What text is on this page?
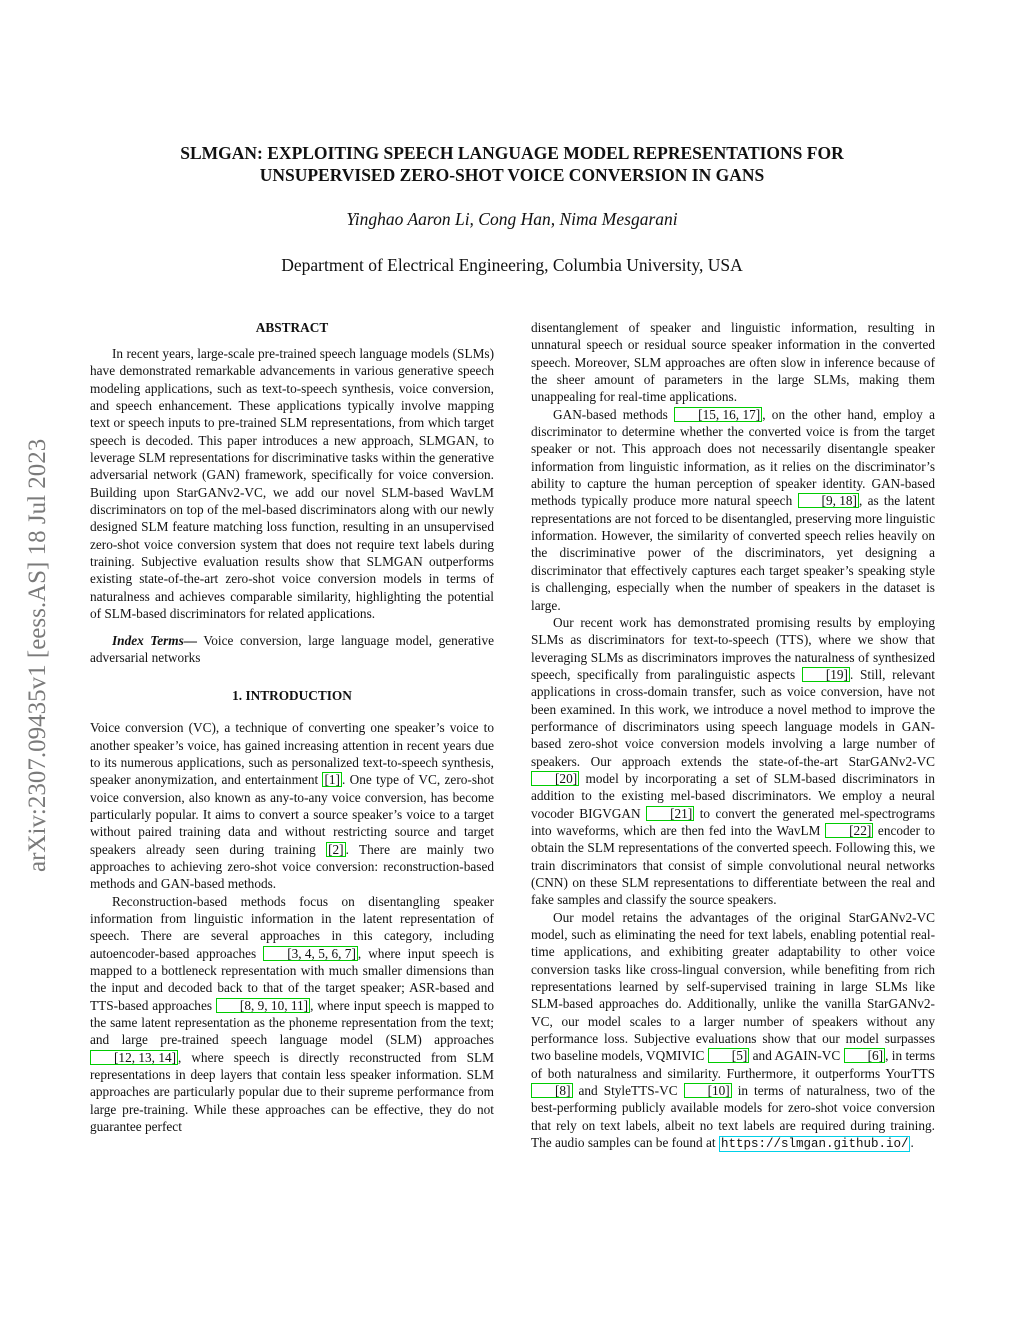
SLMGAN: EXPLOITING SPEECH LANGUAGE MODEL REPRESENTATIONS FOR
UNSUPERVISED ZERO-SHOT VOICE CONVERSION IN GANS
Yinghao Aaron Li, Cong Han, Nima Mesgarani
Department of Electrical Engineering, Columbia University, USA
arXiv:2307.09435v1 [eess.AS] 18 Jul 2023
ABSTRACT

In recent years, large-scale pre-trained speech language models (SLMs) have demonstrated remarkable advancements in various generative speech modeling applications, such as text-to-speech synthesis, voice conversion, and speech enhancement. These applications typically involve mapping text or speech inputs to pre-trained SLM representations, from which target speech is decoded. This paper introduces a new approach, SLMGAN, to leverage SLM representations for discriminative tasks within the generative adversarial network (GAN) framework, specifically for voice conversion. Building upon StarGANv2-VC, we add our novel SLM-based WavLM discriminators on top of the mel-based discriminators along with our newly designed SLM feature matching loss function, resulting in an unsupervised zero-shot voice conversion system that does not require text labels during training. Subjective evaluation results show that SLMGAN outperforms existing state-of-the-art zero-shot voice conversion models in terms of naturalness and achieves comparable similarity, highlighting the potential of SLM-based discriminators for related applications.

Index Terms— Voice conversion, large language model, generative adversarial networks

1. INTRODUCTION

Voice conversion (VC), a technique of converting one speaker’s voice to another speaker’s voice, has gained increasing attention in recent years due to its numerous applications, such as personalized text-to-speech synthesis, speaker anonymization, and entertainment [1] . One type of VC, zero-shot voice conversion, also known as any-to-any voice conversion, has become particularly popular. It aims to convert a source speaker’s voice to a target without paired training data and without restricting source and target speakers already seen during training [2] . There are mainly two approaches to achieving zero-shot voice conversion: reconstruction-based methods and GAN-based methods.

Reconstruction-based methods focus on disentangling speaker information from linguistic information in the latent representation of speech. There are several approaches in this category, including autoencoder-based approaches [3, 4, 5, 6, 7] , where input speech is mapped to a bottleneck representation with much smaller dimensions than the input and decoded back to that of the target speaker; ASR-based and TTS-based approaches [8, 9, 10, 11] , where input speech is mapped to the same latent representation as the phoneme representation from the text; and large pre-trained speech language model (SLM) approaches [12, 13, 14] , where speech is directly reconstructed from SLM representations in deep layers that contain less speaker information. SLM approaches are particularly popular due to their supreme performance from large pre-training. While these approaches can be effective, they do not guarantee perfect

disentanglement of speaker and linguistic information, resulting in unnatural speech or residual source speaker information in the converted speech. Moreover, SLM approaches are often slow in inference because of the sheer amount of parameters in the large SLMs, making them unappealing for real-time applications.

GAN-based methods [15, 16, 17] , on the other hand, employ a discriminator to determine whether the converted voice is from the target speaker or not. This approach does not necessarily disentangle speaker information from linguistic information, as it relies on the discriminator’s ability to capture the human perception of speaker identity. GAN-based methods typically produce more natural speech [9, 18] , as the latent representations are not forced to be disentangled, preserving more linguistic information. However, the similarity of converted speech relies heavily on the discriminative power of the discriminators, yet designing a discriminator that effectively captures each target speaker’s speaking style is challenging, especially when the number of speakers in the dataset is large.

Our recent work has demonstrated promising results by employing SLMs as discriminators for text-to-speech (TTS), where we show that leveraging SLMs as discriminators improves the naturalness of synthesized speech, specifically from paralinguistic aspects [19] . Still, relevant applications in cross-domain transfer, such as voice conversion, have not been examined. In this work, we introduce a novel method to improve the performance of discriminators using speech language models in GAN-based zero-shot voice conversion models involving a large number of speakers. Our approach extends the state-of-the-art StarGANv2-VC [20] model by incorporating a set of SLM-based discriminators in addition to the existing mel-based discriminators. We employ a neural vocoder BIGVGAN [21] to convert the generated mel-spectrograms into waveforms, which are then fed into the WavLM [22] encoder to obtain the SLM representations of the converted speech. Following this, we train discriminators that consist of simple convolutional neural networks (CNN) on these SLM representations to differentiate between the real and fake samples and classify the source speakers.

Our model retains the advantages of the original StarGANv2-VC model, such as eliminating the need for text labels, enabling potential real-time applications, and exhibiting greater adaptability to other voice conversion tasks like cross-lingual conversion, while benefiting from rich representations learned by self-supervised training in large SLMs like SLM-based approaches do. Additionally, unlike the vanilla StarGANv2-VC, our model scales to a larger number of speakers without any performance loss. Subjective evaluations show that our model surpasses two baseline models, VQMIVIC [5] and AGAIN-VC [6] , in terms of both naturalness and similarity. Furthermore, it outperforms YourTTS [8] and StyleTTS-VC [10] in terms of naturalness, two of the best-performing publicly available models for zero-shot voice conversion that rely on text labels, albeit no text labels are required during training. The audio samples can be found at https://slmgan.github.io/ .
